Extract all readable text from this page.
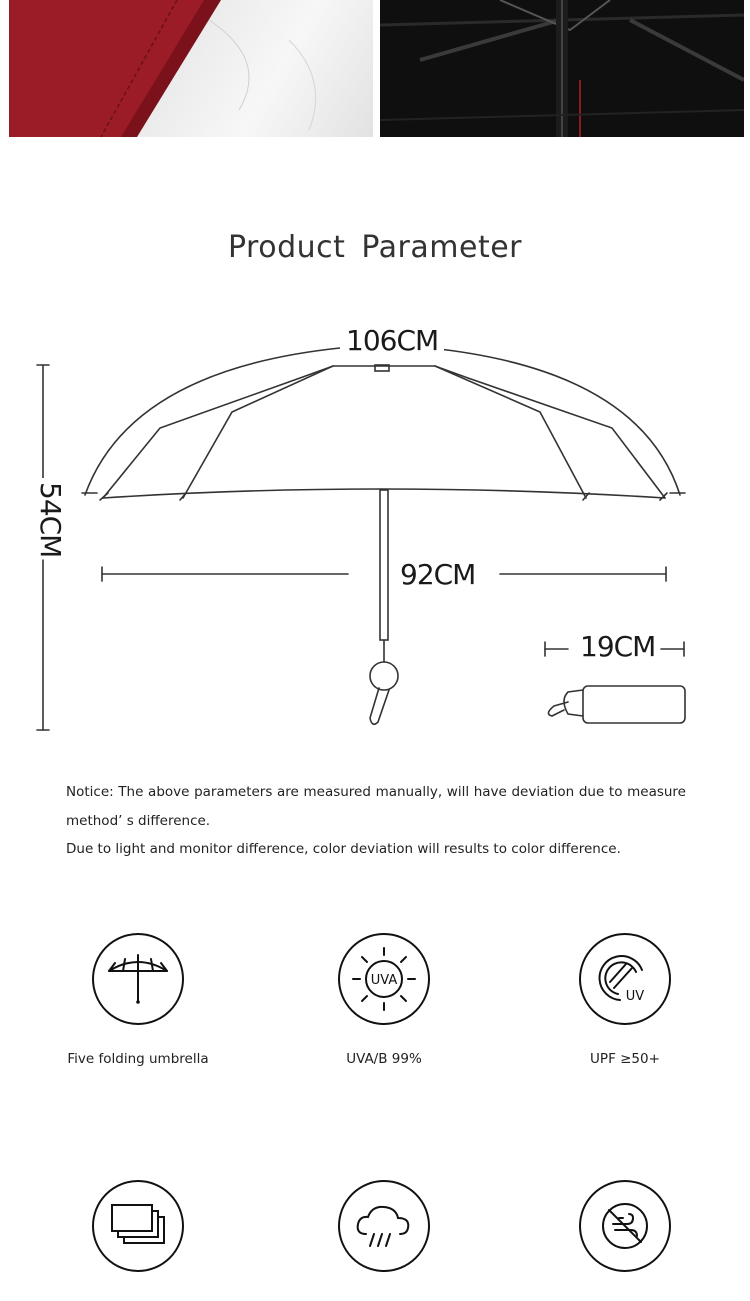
Product Parameter
106CM
54CM
92CM
19CM

Notice: The above parameters are measured manually, will have deviation due to measure method’ s difference.

Due to light and monitor difference, color deviation will results to color difference.

Five folding umbrella
UVA
UVA/B 99%
UV
UPF ≥50+
